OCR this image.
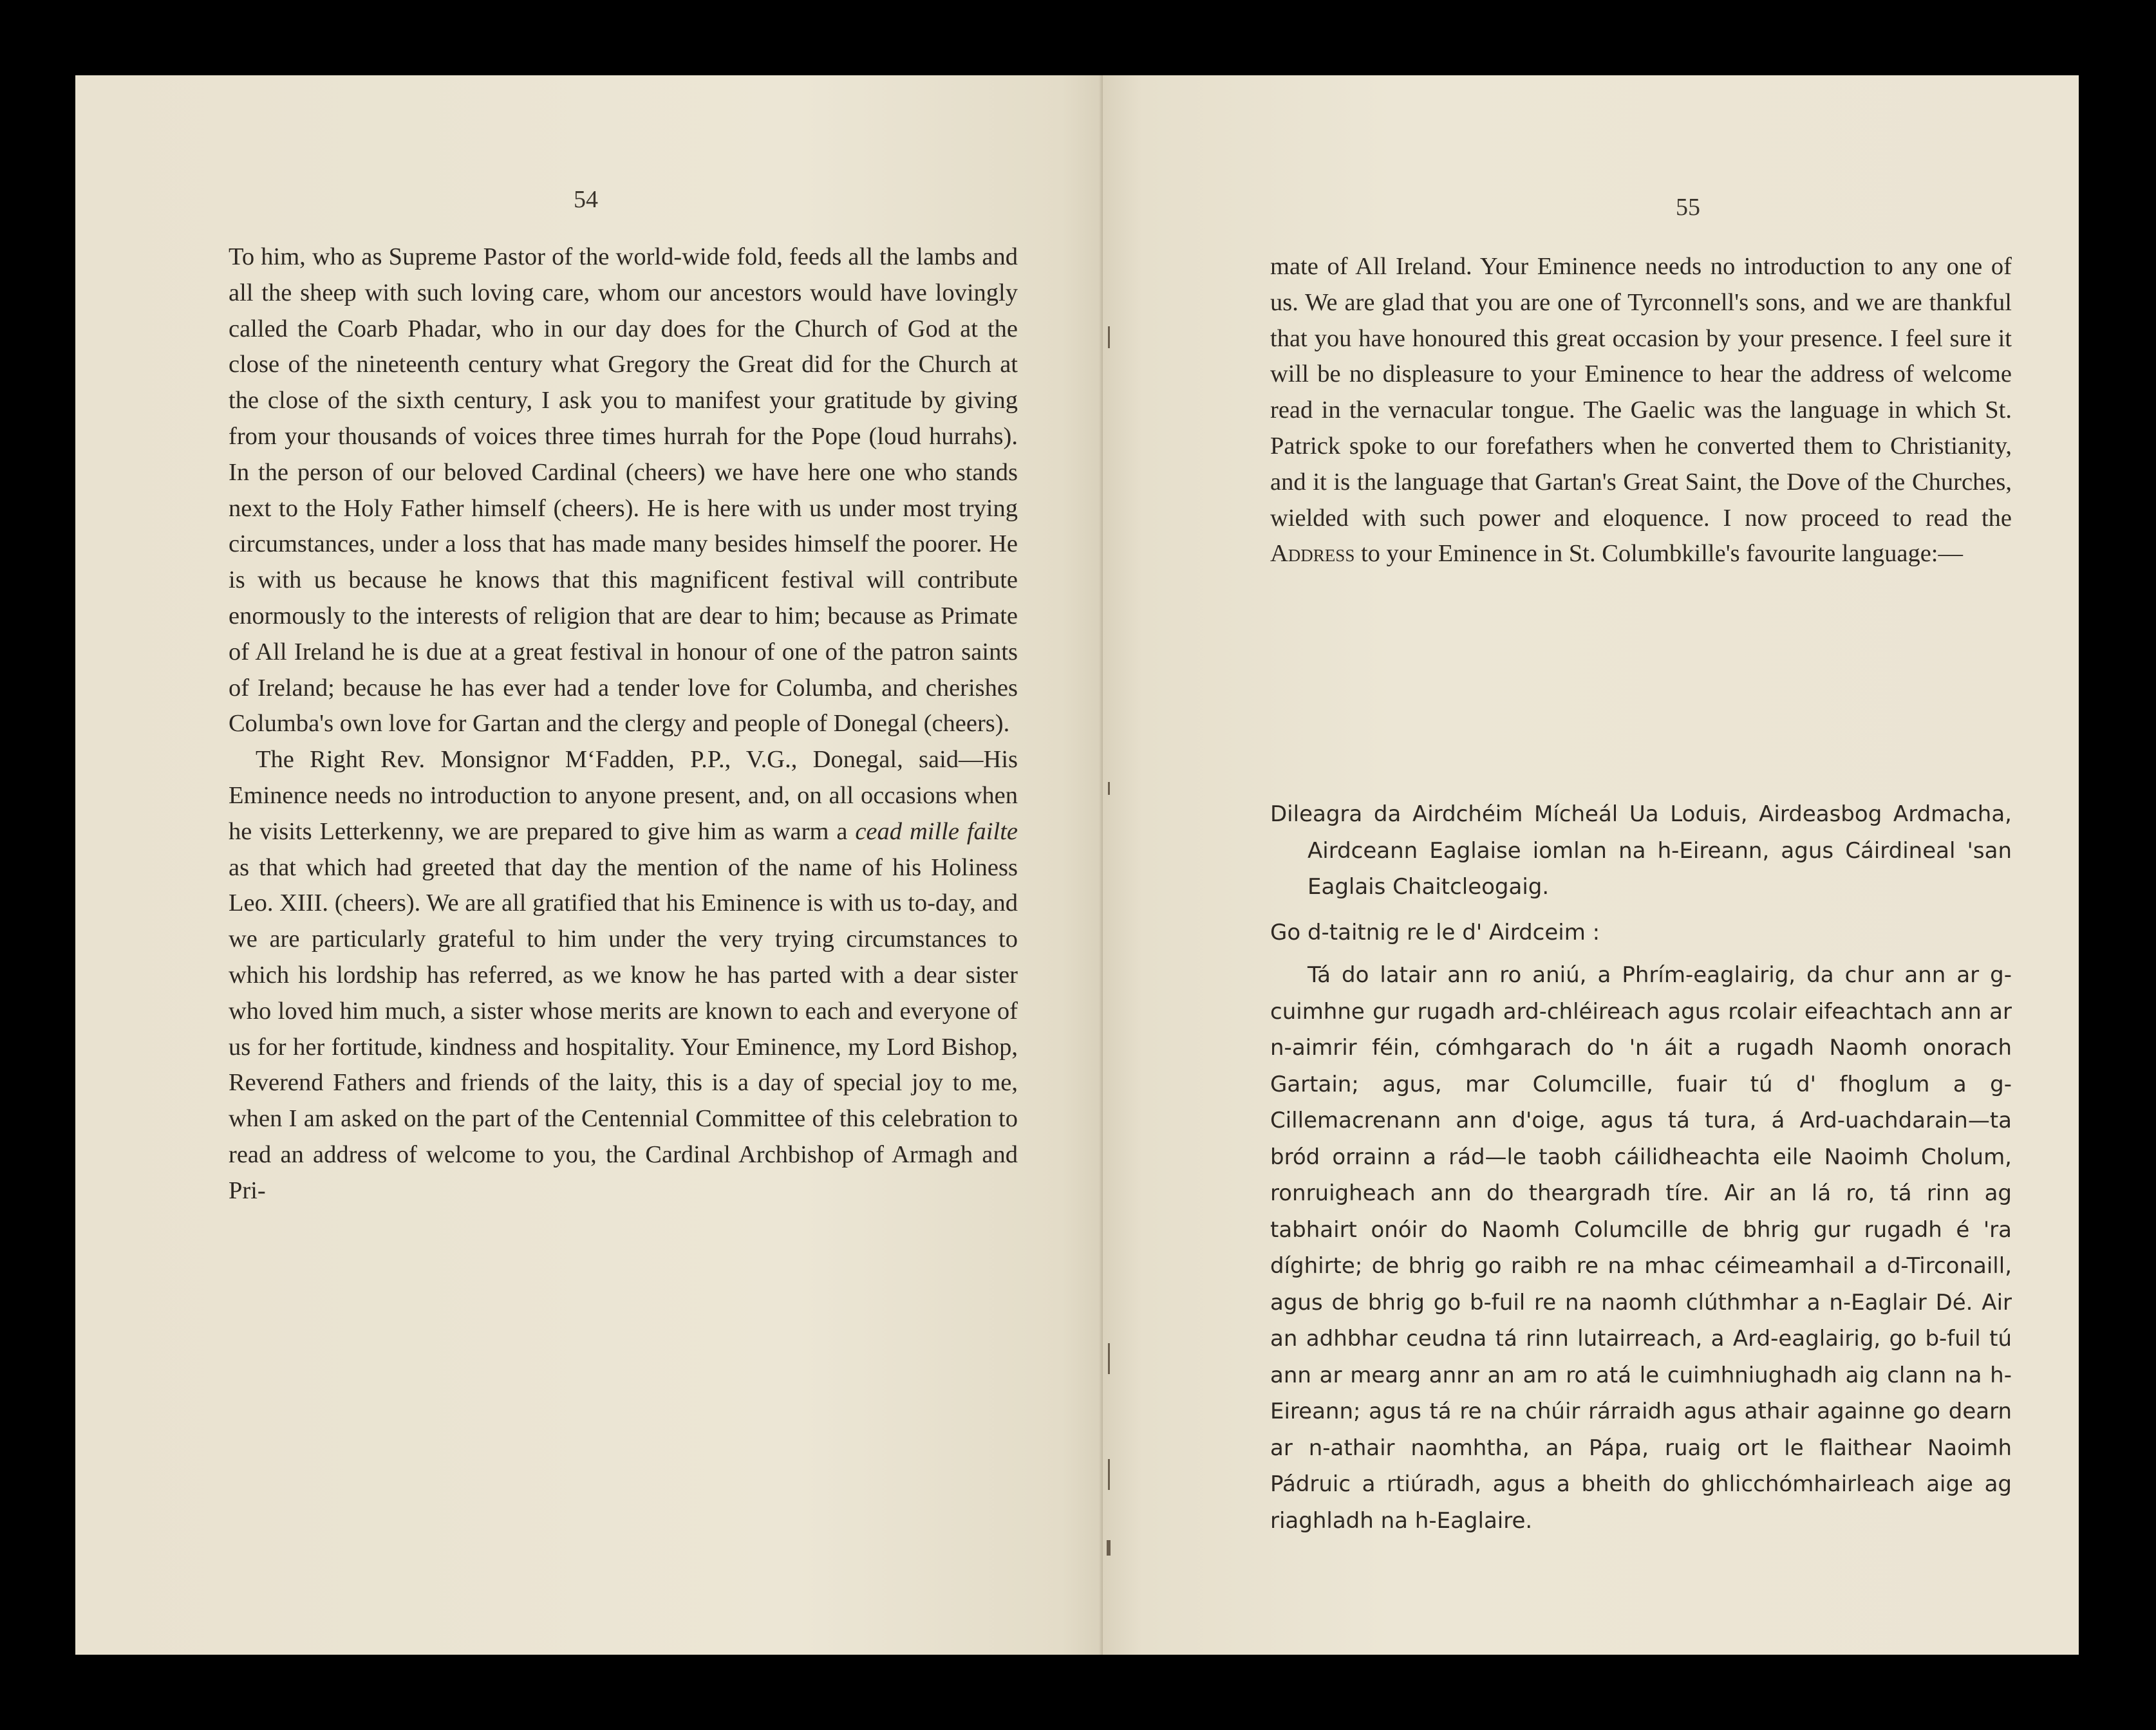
54

To him, who as Supreme Pastor of the world-wide fold, feeds all the lambs and all the sheep with such loving care, whom our ancestors would have lovingly called the Coarb Phadar, who in our day does for the Church of God at the close of the nineteenth century what Gregory the Great did for the Church at the close of the sixth century, I ask you to manifest your gratitude by giving from your thousands of voices three times hurrah for the Pope (loud hurrahs). In the person of our beloved Cardinal (cheers) we have here one who stands next to the Holy Father himself (cheers). He is here with us under most trying circumstances, under a loss that has made many besides himself the poorer. He is with us because he knows that this magnificent festival will contribute enormously to the interests of religion that are dear to him; because as Primate of All Ireland he is due at a great festival in honour of one of the patron saints of Ireland; because he has ever had a tender love for Columba, and cherishes Columba's own love for Gartan and the clergy and people of Donegal (cheers).

The Right Rev. Monsignor M‘Fadden, P.P., V.G., Donegal, said—His Eminence needs no introduction to anyone present, and, on all occasions when he visits Letterkenny, we are prepared to give him as warm a cead mille failte as that which had greeted that day the mention of the name of his Holiness Leo. XIII. (cheers). We are all gratified that his Eminence is with us to-day, and we are particularly grateful to him under the very trying circumstances to which his lordship has referred, as we know he has parted with a dear sister who loved him much, a sister whose merits are known to each and everyone of us for her fortitude, kindness and hospitality. Your Eminence, my Lord Bishop, Reverend Fathers and friends of the laity, this is a day of special joy to me, when I am asked on the part of the Centennial Committee of this celebration to read an address of welcome to you, the Cardinal Archbishop of Armagh and Pri-

55

mate of All Ireland. Your Eminence needs no introduction to any one of us. We are glad that you are one of Tyrconnell's sons, and we are thankful that you have honoured this great occasion by your presence. I feel sure it will be no displeasure to your Eminence to hear the address of welcome read in the vernacular tongue. The Gaelic was the language in which St. Patrick spoke to our forefathers when he converted them to Christianity, and it is the language that Gartan's Great Saint, the Dove of the Churches, wielded with such power and eloquence. I now proceed to read the Address to your Eminence in St. Columbkille's favourite language:—

Dileagra da Airdchéim Mícheál Ua Loduis, Airdeasbog Ardmacha, Airdceann Eaglaise iomlan na h-Eireann, agus Cáirdineal 'san Eaglais Chaitcleogaig.

Go d-taitnig re le d' Airdceim :

Tá do latair ann ro aniú, a Phrím-eaglairig, da chur ann ar g-cuimhne gur rugadh ard-chléireach agus rcolair eifeachtach ann ar n-aimrir féin, cómhgarach do 'n áit a rugadh Naomh onorach Gartain; agus, mar Columcille, fuair tú d' fhoglum a g-Cillemacrenann ann d'oige, agus tá tura, á Ard-uachdarain—ta bród orrainn a rád—le taobh cáilidheachta eile Naoimh Cholum, ronruigheach ann do theargradh tíre. Air an lá ro, tá rinn ag tabhairt onóir do Naomh Columcille de bhrig gur rugadh é 'ra díghirte; de bhrig go raibh re na mhac céimeamhail a d-Tirconaill, agus de bhrig go b-fuil re na naomh clúthmhar a n-Eaglair Dé. Air an adhbhar ceudna tá rinn lutairreach, a Ard-eaglairig, go b-fuil tú ann ar mearg annr an am ro atá le cuimhniughadh aig clann na h-Eireann; agus tá re na chúir rárraidh agus athair againne go dearn ar n-athair naomhtha, an Pápa, ruaig ort le flaithear Naoimh Pádruic a rtiúradh, agus a bheith do ghlicchómhairleach aige ag riaghladh na h-Eaglaire.
